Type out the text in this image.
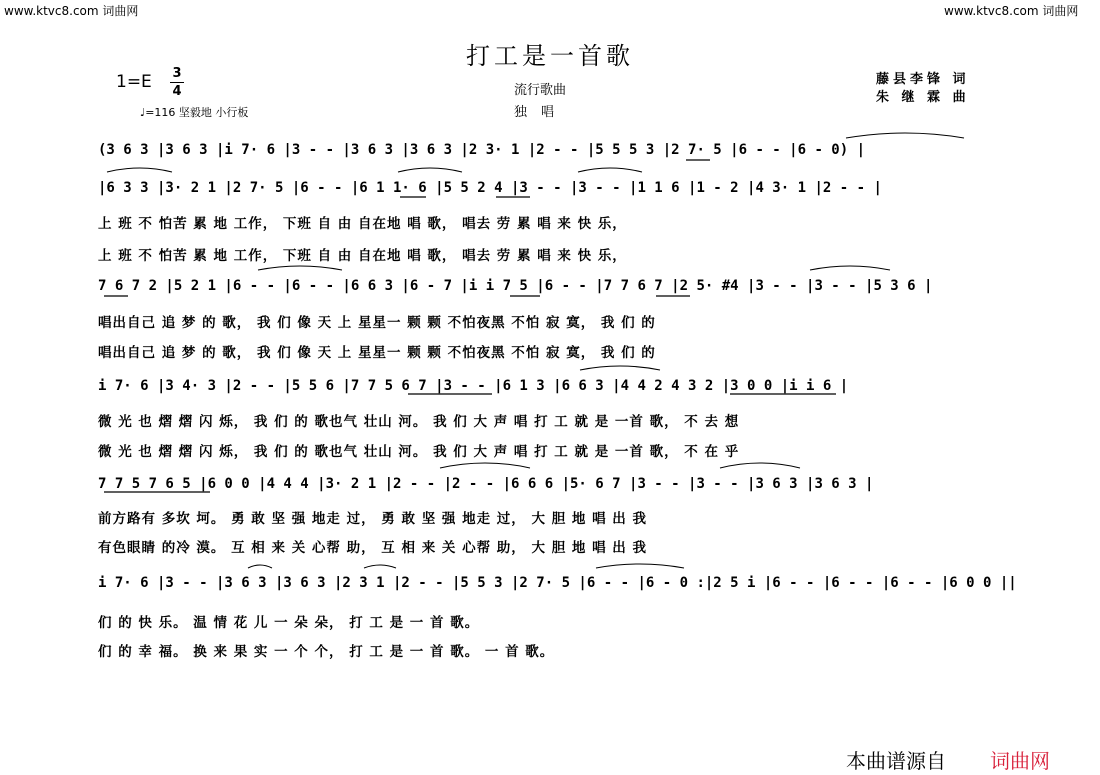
www.ktvc8.com 词曲网	www.ktvc8.com 词曲网
打工是一首歌
1=E 3
4
♩=116 坚毅地 小行板
流行歌曲
独唱
藤县李锋 词
朱 继 霖 曲
(3 6 3 |3 6 3 |i 7· 6 |3 - - |3 6 3 |3 6 3 |2 3· 1 |2 - - |5 5 5 3 |2 7· 5 |6 - - |6 - 0) |
|6 3 3 |3· 2 1 |2 7· 5 |6 - - |6 1 1· 6 |5 5 2 4 |3 - - |3 - - |1 1 6 |1 - 2 |4 3· 1 |2 - - |
上 班 不 怕苦 累 地 工作， 下班 自 由 自在地 唱 歌， 唱去 劳 累 唱 来 快 乐，
上 班 不 怕苦 累 地 工作， 下班 自 由 自在地 唱 歌， 唱去 劳 累 唱 来 快 乐，
7 6 7 2 |5 2 1 |6 - - |6 - - |6 6 3 |6 - 7 |i i 7 5 |6 - - |7 7 6 7 |2 5· #4 |3 - - |3 - - |5 3 6 |
唱出自己 追 梦 的 歌， 我 们 像 天 上 星星一 颗 颗 不怕夜黑 不怕 寂 寞， 我 们 的
唱出自己 追 梦 的 歌， 我 们 像 天 上 星星一 颗 颗 不怕夜黑 不怕 寂 寞， 我 们 的
i 7· 6 |3 4· 3 |2 - - |5 5 6 |7 7 5 6 7 |3 - - |6 1 3 |6 6 3 |4 4 2 4 3 2 |3 0 0 |i i 6 |
微 光 也 熠 熠 闪 烁， 我 们 的 歌也气 壮山 河。 我 们 大 声 唱 打 工 就 是 一首 歌， 不 去 想
微 光 也 熠 熠 闪 烁， 我 们 的 歌也气 壮山 河。 我 们 大 声 唱 打 工 就 是 一首 歌， 不 在 乎
7 7 5 7 6 5 |6 0 0 |4 4 4 |3· 2 1 |2 - - |2 - - |6 6 6 |5· 6 7 |3 - - |3 - - |3 6 3 |3 6 3 |
前方路有 多坎 坷。 勇 敢 坚 强 地走 过， 勇 敢 坚 强 地走 过， 大 胆 地 唱 出 我
有色眼睛 的冷 漠。 互 相 来 关 心帮 助， 互 相 来 关 心帮 助， 大 胆 地 唱 出 我
i 7· 6 |3 - - |3 6 3 |3 6 3 |2 3 1 |2 - - |5 5 3 |2 7· 5 |6 - - |6 - 0 :|2 5 i |6 - - |6 - - |6 - - |6 0 0 ||
们 的 快 乐。 温 情 花 儿 一 朵 朵， 打 工 是 一 首 歌。
们 的 幸 福。 换 来 果 实 一 个 个， 打 工 是 一 首 歌。 一 首 歌。
本曲谱源自 词曲网
